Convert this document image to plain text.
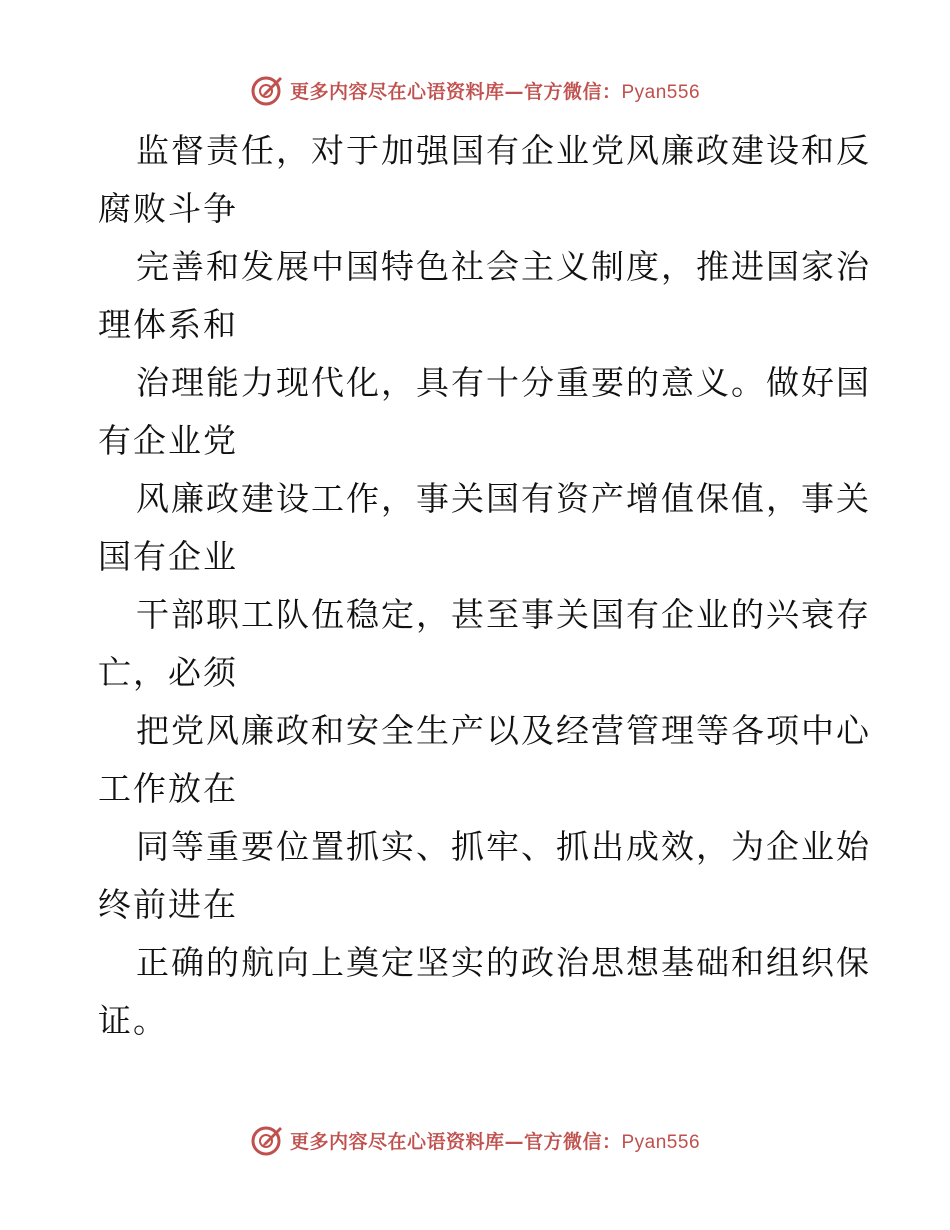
更多内容尽在心语资料库—官方微信：Pyan556

监督责任，对于加强国有企业党风廉政建设和反
腐败斗争

完善和发展中国特色社会主义制度，推进国家治
理体系和

治理能力现代化，具有十分重要的意义。做好国
有企业党

风廉政建设工作，事关国有资产增值保值，事关
国有企业

干部职工队伍稳定，甚至事关国有企业的兴衰存
亡，必须

把党风廉政和安全生产以及经营管理等各项中心
工作放在

同等重要位置抓实、抓牢、抓出成效，为企业始
终前进在

正确的航向上奠定坚实的政治思想基础和组织保
证。

更多内容尽在心语资料库—官方微信：Pyan556
